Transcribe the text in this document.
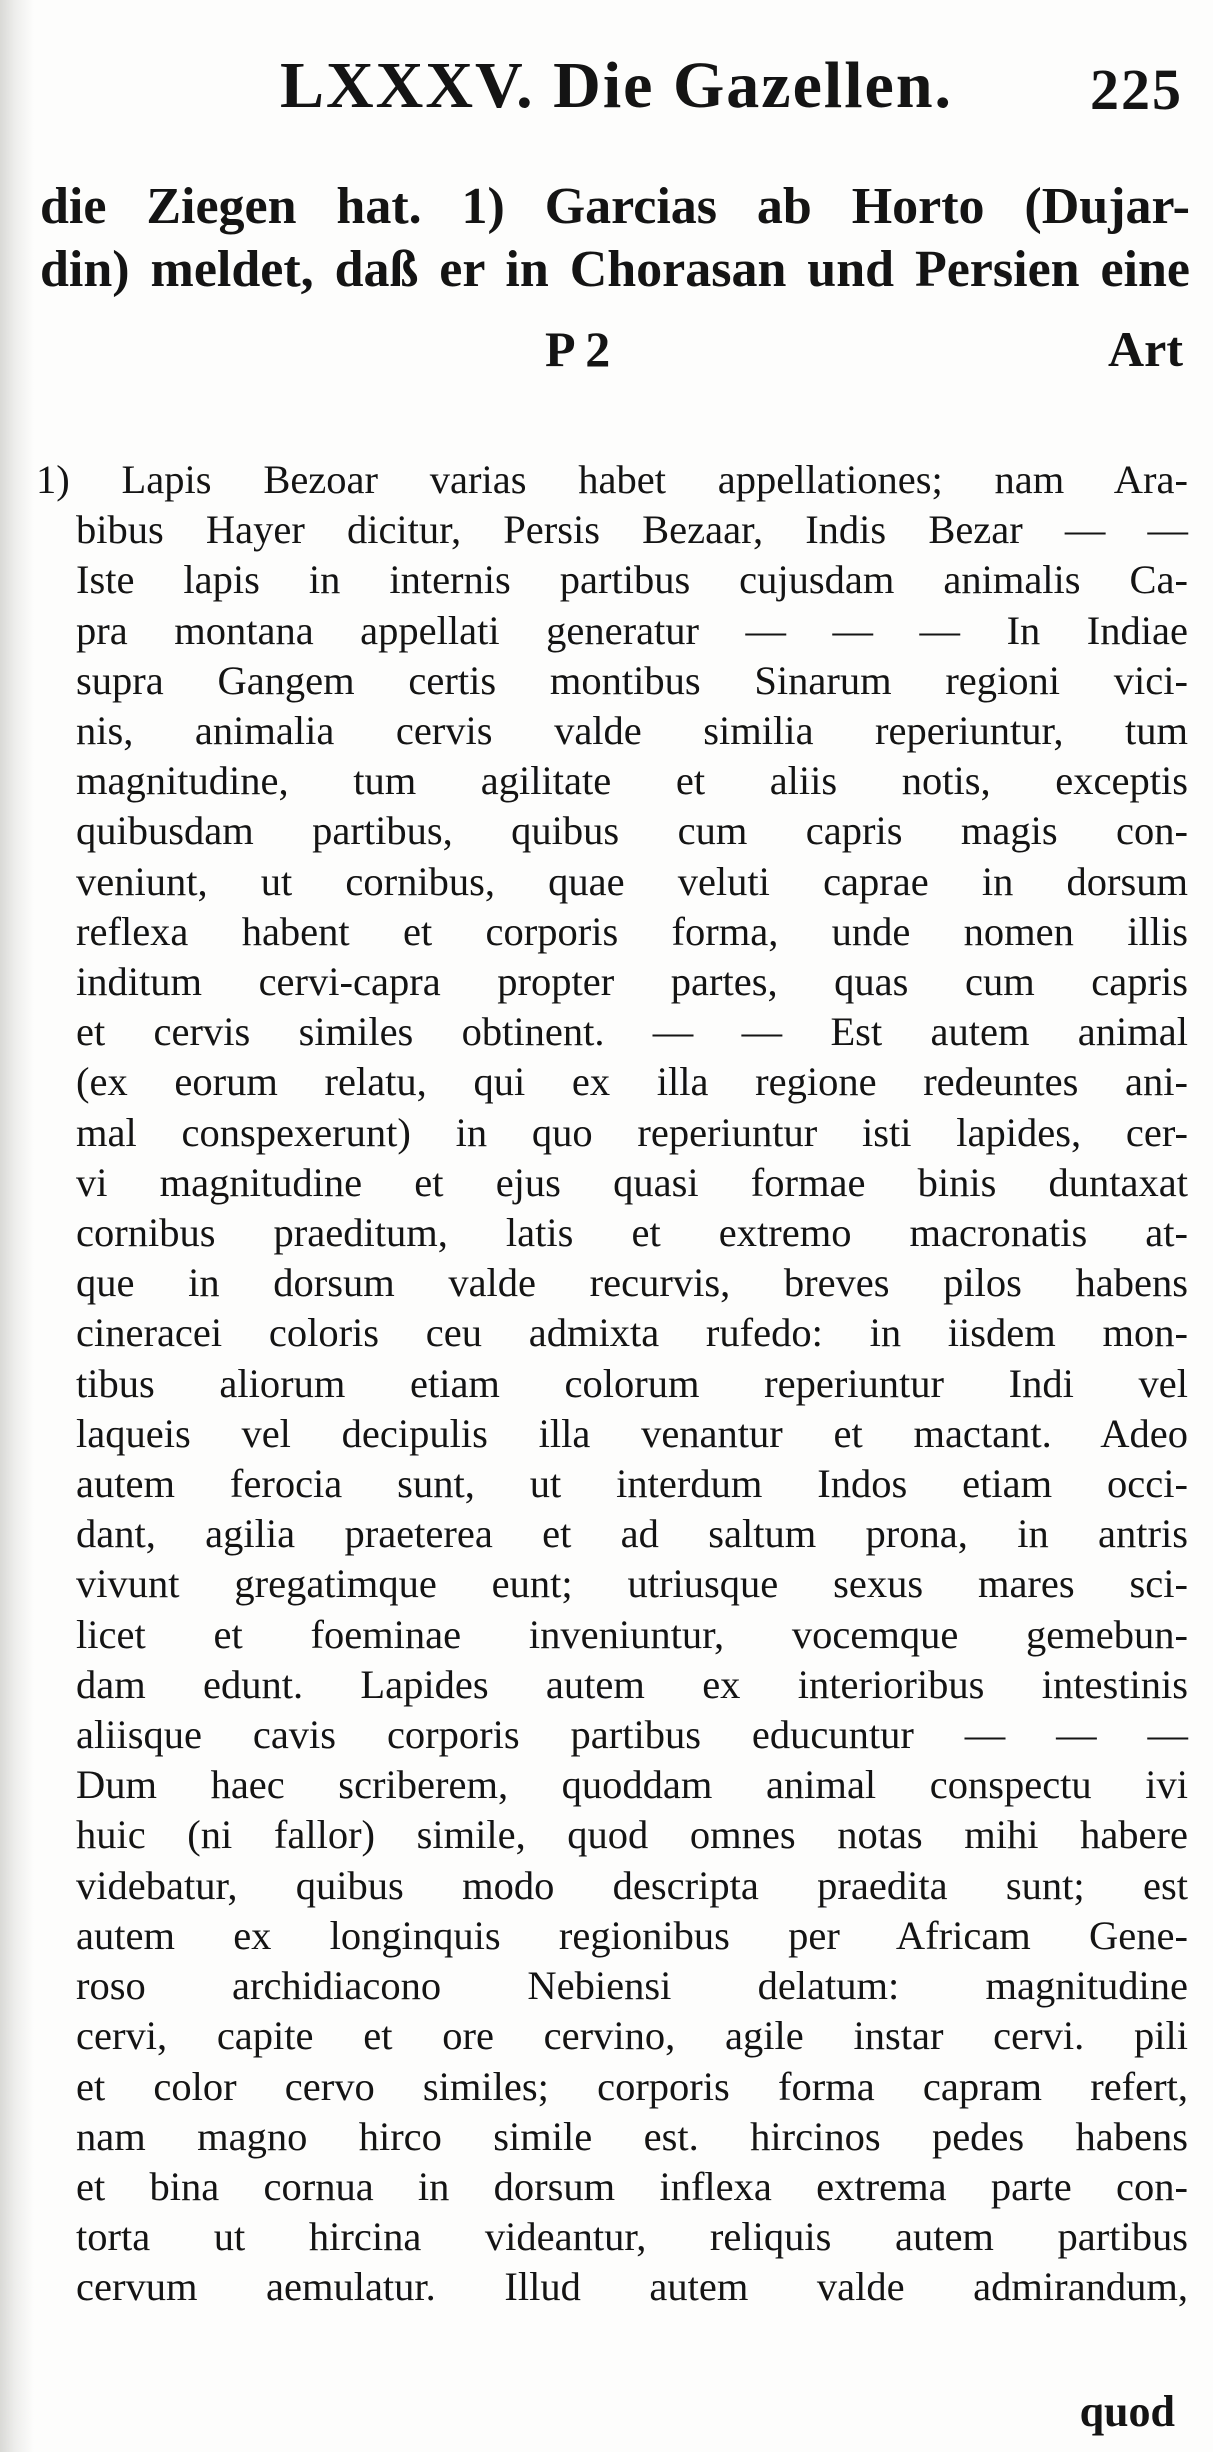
LXXXV. Die Gazellen. 225
die Ziegen hat. 1) Garcias ab Horto (Dujar-
din) meldet, daß er in Chorasan und Persien eine
P 2	Art
1) Lapis Bezoar varias habet appellationes; nam Ara-
bibus Hayer dicitur, Persis Bezaar, Indis Bezar — —
Iste lapis in internis partibus cujusdam animalis Ca-
pra montana appellati generatur — — — In Indiae
supra Gangem certis montibus Sinarum regioni vici-
nis, animalia cervis valde similia reperiuntur, tum
magnitudine, tum agilitate et aliis notis, exceptis
quibusdam partibus, quibus cum capris magis con-
veniunt, ut cornibus, quae veluti caprae in dorsum
reflexa habent et corporis forma, unde nomen illis
inditum cervi-capra propter partes, quas cum capris
et cervis similes obtinent. — — Est autem animal
(ex eorum relatu, qui ex illa regione redeuntes ani-
mal conspexerunt) in quo reperiuntur isti lapides, cer-
vi magnitudine et ejus quasi formae binis duntaxat
cornibus praeditum, latis et extremo macronatis at-
que in dorsum valde recurvis, breves pilos habens
cineracei coloris ceu admixta rufedo: in iisdem mon-
tibus aliorum etiam colorum reperiuntur Indi vel
laqueis vel decipulis illa venantur et mactant. Adeo
autem ferocia sunt, ut interdum Indos etiam occi-
dant, agilia praeterea et ad saltum prona, in antris
vivunt gregatimque eunt; utriusque sexus mares sci-
licet et foeminae inveniuntur, vocemque gemebun-
dam edunt. Lapides autem ex interioribus intestinis
aliisque cavis corporis partibus educuntur — — —
Dum haec scriberem, quoddam animal conspectu ivi
huic (ni fallor) simile, quod omnes notas mihi habere
videbatur, quibus modo descripta praedita sunt; est
autem ex longinquis regionibus per Africam Gene-
roso archidiacono Nebiensi delatum: magnitudine
cervi, capite et ore cervino, agile instar cervi. pili
et color cervo similes; corporis forma capram refert,
nam magno hirco simile est. hircinos pedes habens
et bina cornua in dorsum inflexa extrema parte con-
torta ut hircina videantur, reliquis autem partibus
cervum aemulatur. Illud autem valde admirandum,
quod
